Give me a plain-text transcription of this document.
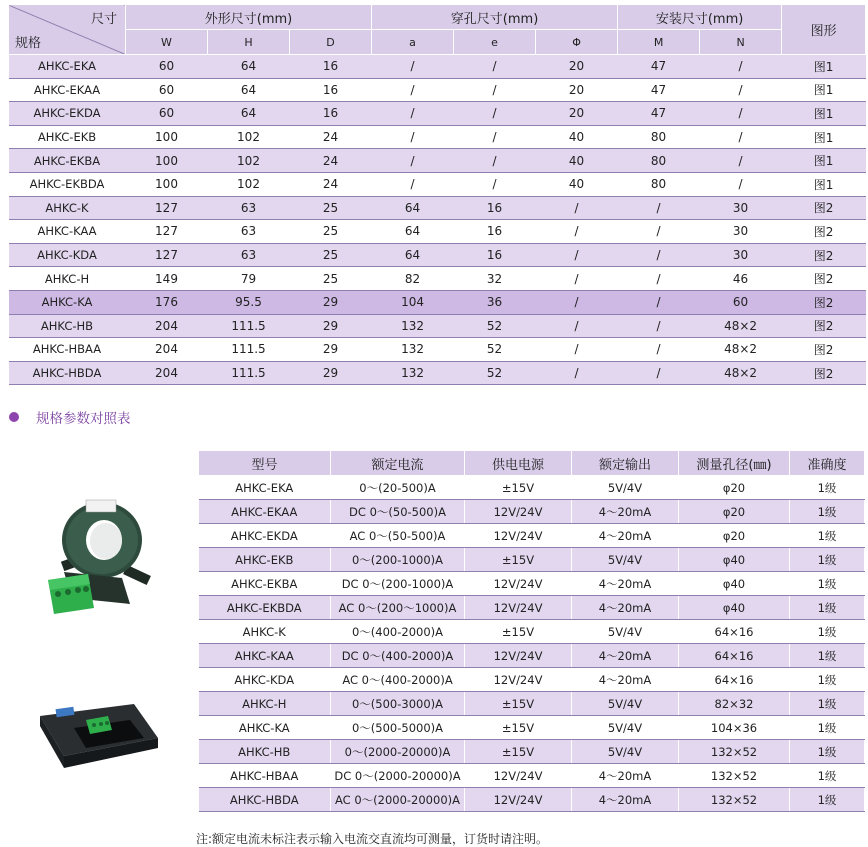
尺寸
规格	外形尺寸(mm)			穿孔尺寸(mm)			安装尺寸(mm)		图形
	W	H	D	a	e	Φ	M	N	
AHKC-EKA	60	64	16	/	/	20	47	/	图1
AHKC-EKAA	60	64	16	/	/	20	47	/	图1
AHKC-EKDA	60	64	16	/	/	20	47	/	图1
AHKC-EKB	100	102	24	/	/	40	80	/	图1
AHKC-EKBA	100	102	24	/	/	40	80	/	图1
AHKC-EKBDA	100	102	24	/	/	40	80	/	图1
AHKC-K	127	63	25	64	16	/	/	30	图2
AHKC-KAA	127	63	25	64	16	/	/	30	图2
AHKC-KDA	127	63	25	64	16	/	/	30	图2
AHKC-H	149	79	25	82	32	/	/	46	图2
AHKC-KA	176	95.5	29	104	36	/	/	60	图2
AHKC-HB	204	111.5	29	132	52	/	/	48×2	图2
AHKC-HBAA	204	111.5	29	132	52	/	/	48×2	图2
AHKC-HBDA	204	111.5	29	132	52	/	/	48×2	图2
规格参数对照表
型号	额定电流	供电电源	额定输出	测量孔径(㎜)	准确度
AHKC-EKA	0～(20-500)A	±15V	5V/4V	φ20	1级
AHKC-EKAA	DC 0～(50-500)A	12V/24V	4～20mA	φ20	1级
AHKC-EKDA	AC 0～(50-500)A	12V/24V	4～20mA	φ20	1级
AHKC-EKB	0～(200-1000)A	±15V	5V/4V	φ40	1级
AHKC-EKBA	DC 0～(200-1000)A	12V/24V	4～20mA	φ40	1级
AHKC-EKBDA	AC 0～(200～1000)A	12V/24V	4～20mA	φ40	1级
AHKC-K	0～(400-2000)A	±15V	5V/4V	64×16	1级
AHKC-KAA	DC 0～(400-2000)A	12V/24V	4～20mA	64×16	1级
AHKC-KDA	AC 0～(400-2000)A	12V/24V	4～20mA	64×16	1级
AHKC-H	0～(500-3000)A	±15V	5V/4V	82×32	1级
AHKC-KA	0～(500-5000)A	±15V	5V/4V	104×36	1级
AHKC-HB	0～(2000-20000)A	±15V	5V/4V	132×52	1级
AHKC-HBAA	DC 0～(2000-20000)A	12V/24V	4～20mA	132×52	1级
AHKC-HBDA	AC 0～(2000-20000)A	12V/24V	4～20mA	132×52	1级
注:额定电流未标注表示输入电流交直流均可测量，订货时请注明。
